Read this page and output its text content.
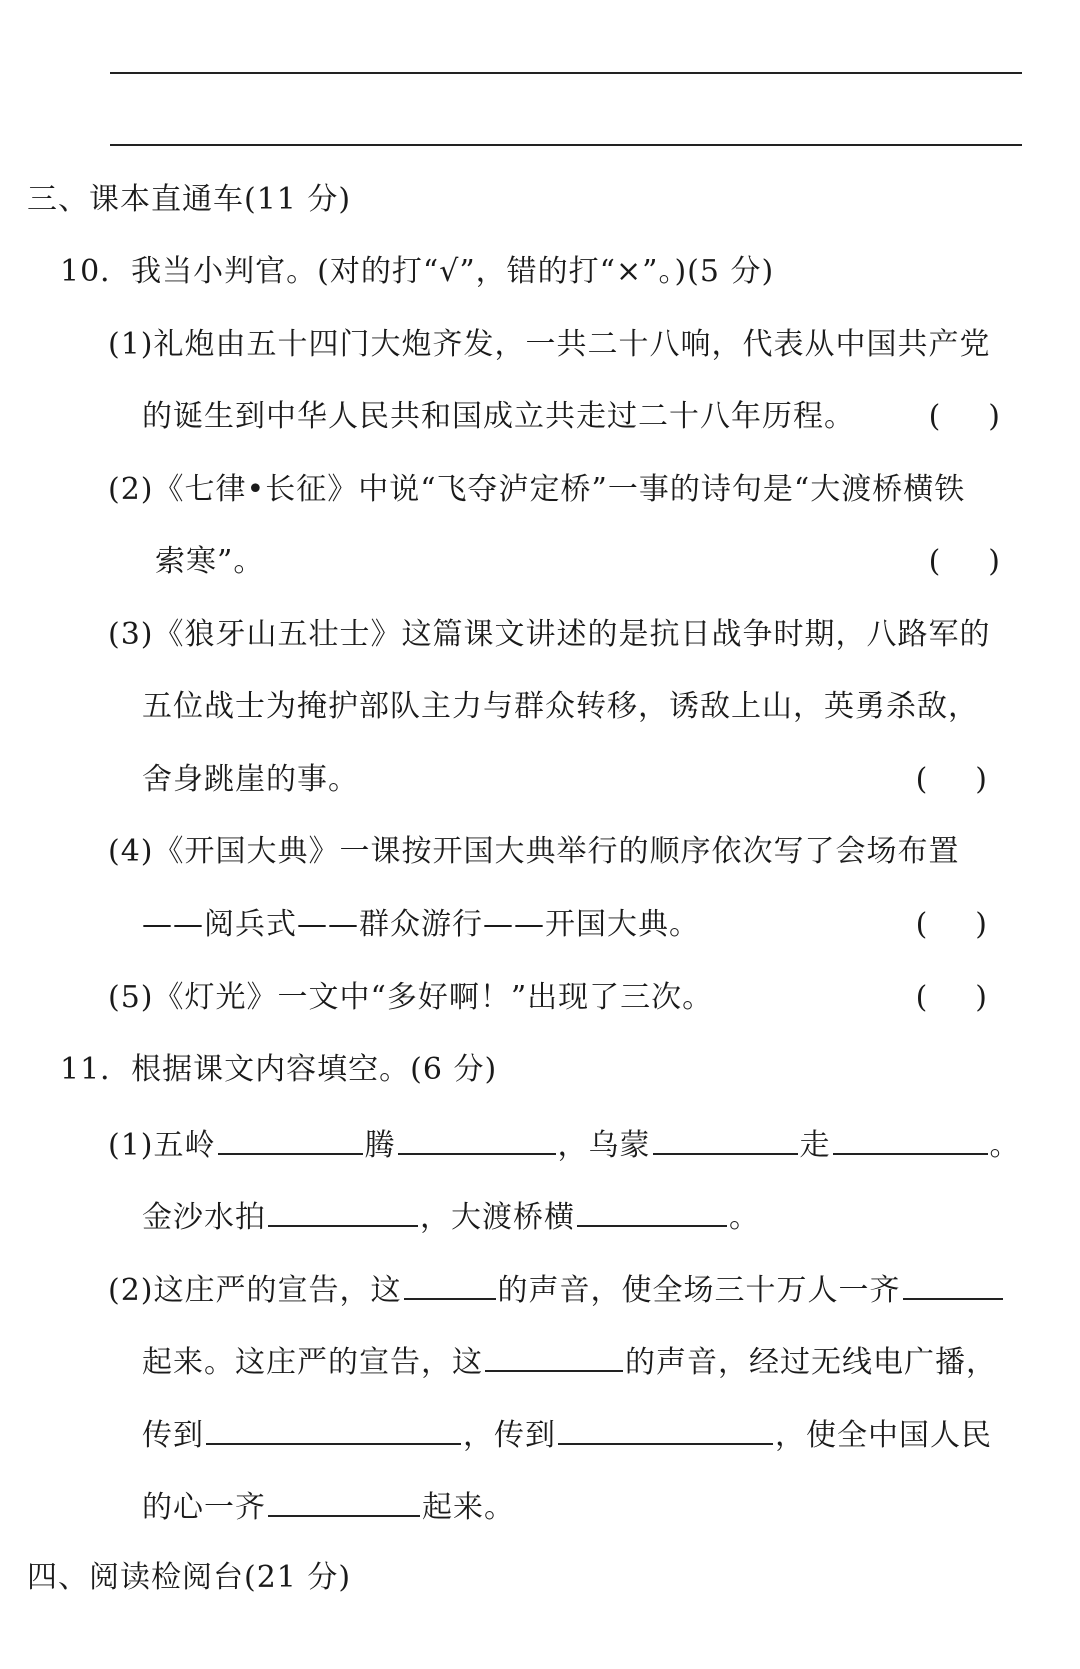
三、课本直通车(11 分)
10．我当小判官。(对的打“√”，错的打“×”。)(5 分)
(1)礼炮由五十四门大炮齐发，一共二十八响，代表从中国共产党
的诞生到中华人民共和国成立共走过二十八年历程。 ( )
(2)《七律•长征》中说“飞夺泸定桥”一事的诗句是“大渡桥横铁
索寒”。	( )
(3)《狼牙山五壮士》这篇课文讲述的是抗日战争时期，八路军的
五位战士为掩护部队主力与群众转移，诱敌上山，英勇杀敌，
舍身跳崖的事。	( )
(4)《开国大典》一课按开国大典举行的顺序依次写了会场布置
——阅兵式——群众游行——开国大典。	( )
(5)《灯光》一文中“多好啊！”出现了三次。	( )
11．根据课文内容填空。(6 分)
(1)五岭	腾	，乌蒙	走	。
金沙水拍	，大渡桥横	。
(2)这庄严的宣告，这	的声音，使全场三十万人一齐
起来。这庄严的宣告，这	的声音，经过无线电广播，
传到	，传到	，使全中国人民
的心一齐	起来。
四、阅读检阅台(21 分)
